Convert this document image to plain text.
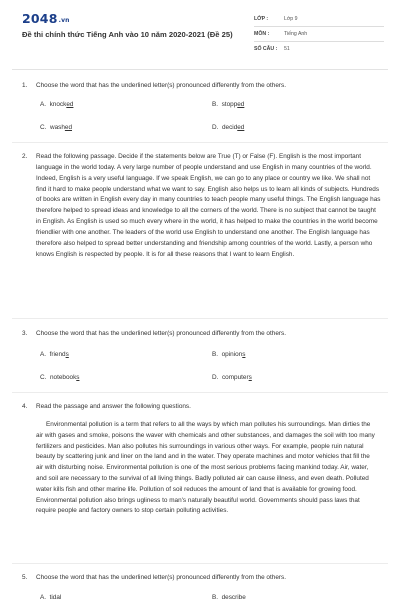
2048.vn
Đề thi chính thức Tiếng Anh vào 10 năm 2020-2021 (Đề 25)
LỚP :	Lớp 9
MÔN :	Tiếng Anh
SỐ CÂU : 51
1. Choose the word that has the underlined letter(s) pronounced differently from the others.
A. knocked	B. stopped
C. washed	D. decided
2. Read the following passage. Decide if the statements below are True (T) or False (F). English is the most important language in the world today. A very large number of people understand and use English in many countries of the world. Indeed, English is a very useful language. If we speak English, we can go to any place or country we like. We shall not find it hard to make people understand what we want to say. English also helps us to learn all kinds of subjects. Hundreds of books are written in English every day in many countries to teach people many useful things. The English language has therefore helped to spread ideas and knowledge to all the corners of the world. There is no subject that cannot be taught in English. As English is used so much every where in the world, it has helped to make the countries in the world become friendlier with one another. The leaders of the world use English to understand one another. The English language has therefore also helped to spread better understanding and friendship among countries of the world. Lastly, a person who knows English is respected by people. It is for all these reasons that I want to learn English.
3. Choose the word that has the underlined letter(s) pronounced differently from the others.
A. friends	B. opinions
C. notebooks	D. computers
4. Read the passage and answer the following questions.
Environmental pollution is a term that refers to all the ways by which man pollutes his surroundings. Man dirties the air with gases and smoke, poisons the waver with chemicals and other substances, and damages the soil with too many fertilizers and pesticides. Man also pollutes his surroundings in various other ways. For example, people ruin natural beauty by scattering junk and liner on the land and in the water. They operate machines and motor vehicles that fill the air with disturbing noise. Environmental pollution is one of the most serious problems facing mankind today. Air, water, and soil are necessary to the survival of all living things. Badly polluted air can cause illness, and even death. Polluted water kills fish and other marine life. Pollution of soil reduces the amount of land that is available for growing food. Environmental pollution also brings ugliness to man's naturally beautiful world. Governments should pass laws that require people and factory owners to stop certain polluting activities.
5. Choose the word that has the underlined letter(s) pronounced differently from the others.
A. tidal	B. describe
